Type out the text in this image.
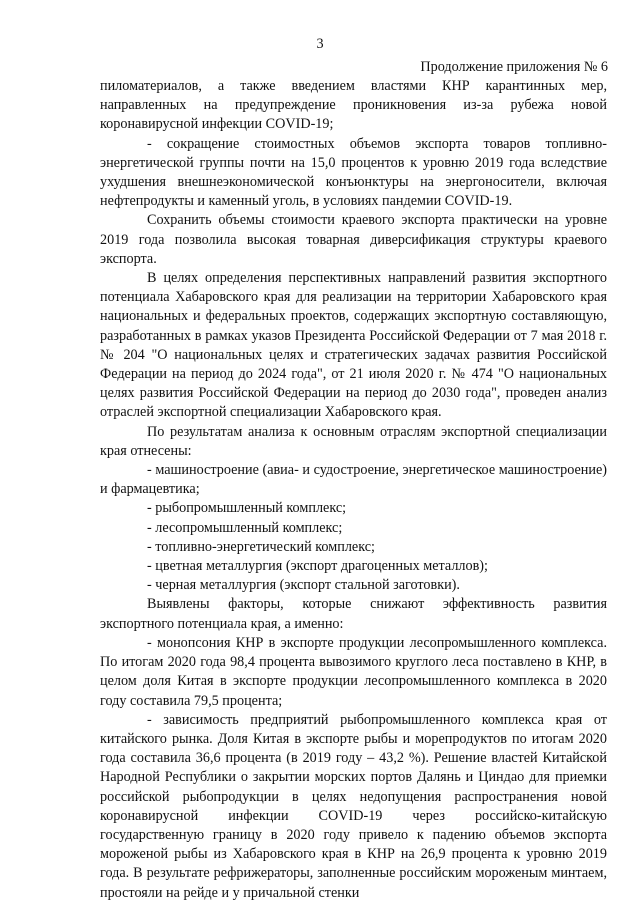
3
Продолжение приложения № 6

пиломатериалов, а также введением властями КНР карантинных мер, направленных на предупреждение проникновения из-за рубежа новой коронавирусной инфекции COVID-19;

- сокращение стоимостных объемов экспорта товаров топливно-энергетической группы почти на 15,0 процентов к уровню 2019 года вследствие ухудшения внешнеэкономической конъюнктуры на энергоносители, включая нефтепродукты и каменный уголь, в условиях пандемии COVID-19.

Сохранить объемы стоимости краевого экспорта практически на уровне 2019 года позволила высокая товарная диверсификация структуры краевого экспорта.

В целях определения перспективных направлений развития экспортного потенциала Хабаровского края для реализации на территории Хабаровского края национальных и федеральных проектов, содержащих экспортную составляющую, разработанных в рамках указов Президента Российской Федерации от 7 мая 2018 г. № 204 "О национальных целях и стратегических задачах развития Российской Федерации на период до 2024 года", от 21 июля 2020 г. № 474 "О национальных целях развития Российской Федерации на период до 2030 года", проведен анализ отраслей экспортной специализации Хабаровского края.

По результатам анализа к основным отраслям экспортной специализации края отнесены:

- машиностроение (авиа- и судостроение, энергетическое машиностроение) и фармацевтика;

- рыбопромышленный комплекс;

- лесопромышленный комплекс;

- топливно-энергетический комплекс;

- цветная металлургия (экспорт драгоценных металлов);

- черная металлургия (экспорт стальной заготовки).

Выявлены факторы, которые снижают эффективность развития экспортного потенциала края, а именно:

- монопсония КНР в экспорте продукции лесопромышленного комплекса. По итогам 2020 года 98,4 процента вывозимого круглого леса поставлено в КНР, в целом доля Китая в экспорте продукции лесопромышленного комплекса в 2020 году составила 79,5 процента;

- зависимость предприятий рыбопромышленного комплекса края от китайского рынка. Доля Китая в экспорте рыбы и морепродуктов по итогам 2020 года составила 36,6 процента (в 2019 году – 43,2 %). Решение властей Китайской Народной Республики о закрытии морских портов Далянь и Циндао для приемки российской рыбопродукции в целях недопущения распространения новой коронавирусной инфекции COVID-19 через российско-китайскую государственную границу в 2020 году привело к падению объемов экспорта мороженой рыбы из Хабаровского края в КНР на 26,9 процента к уровню 2019 года. В результате рефрижераторы, заполненные российским мороженым минтаем, простояли на рейде и у причальной стенки
